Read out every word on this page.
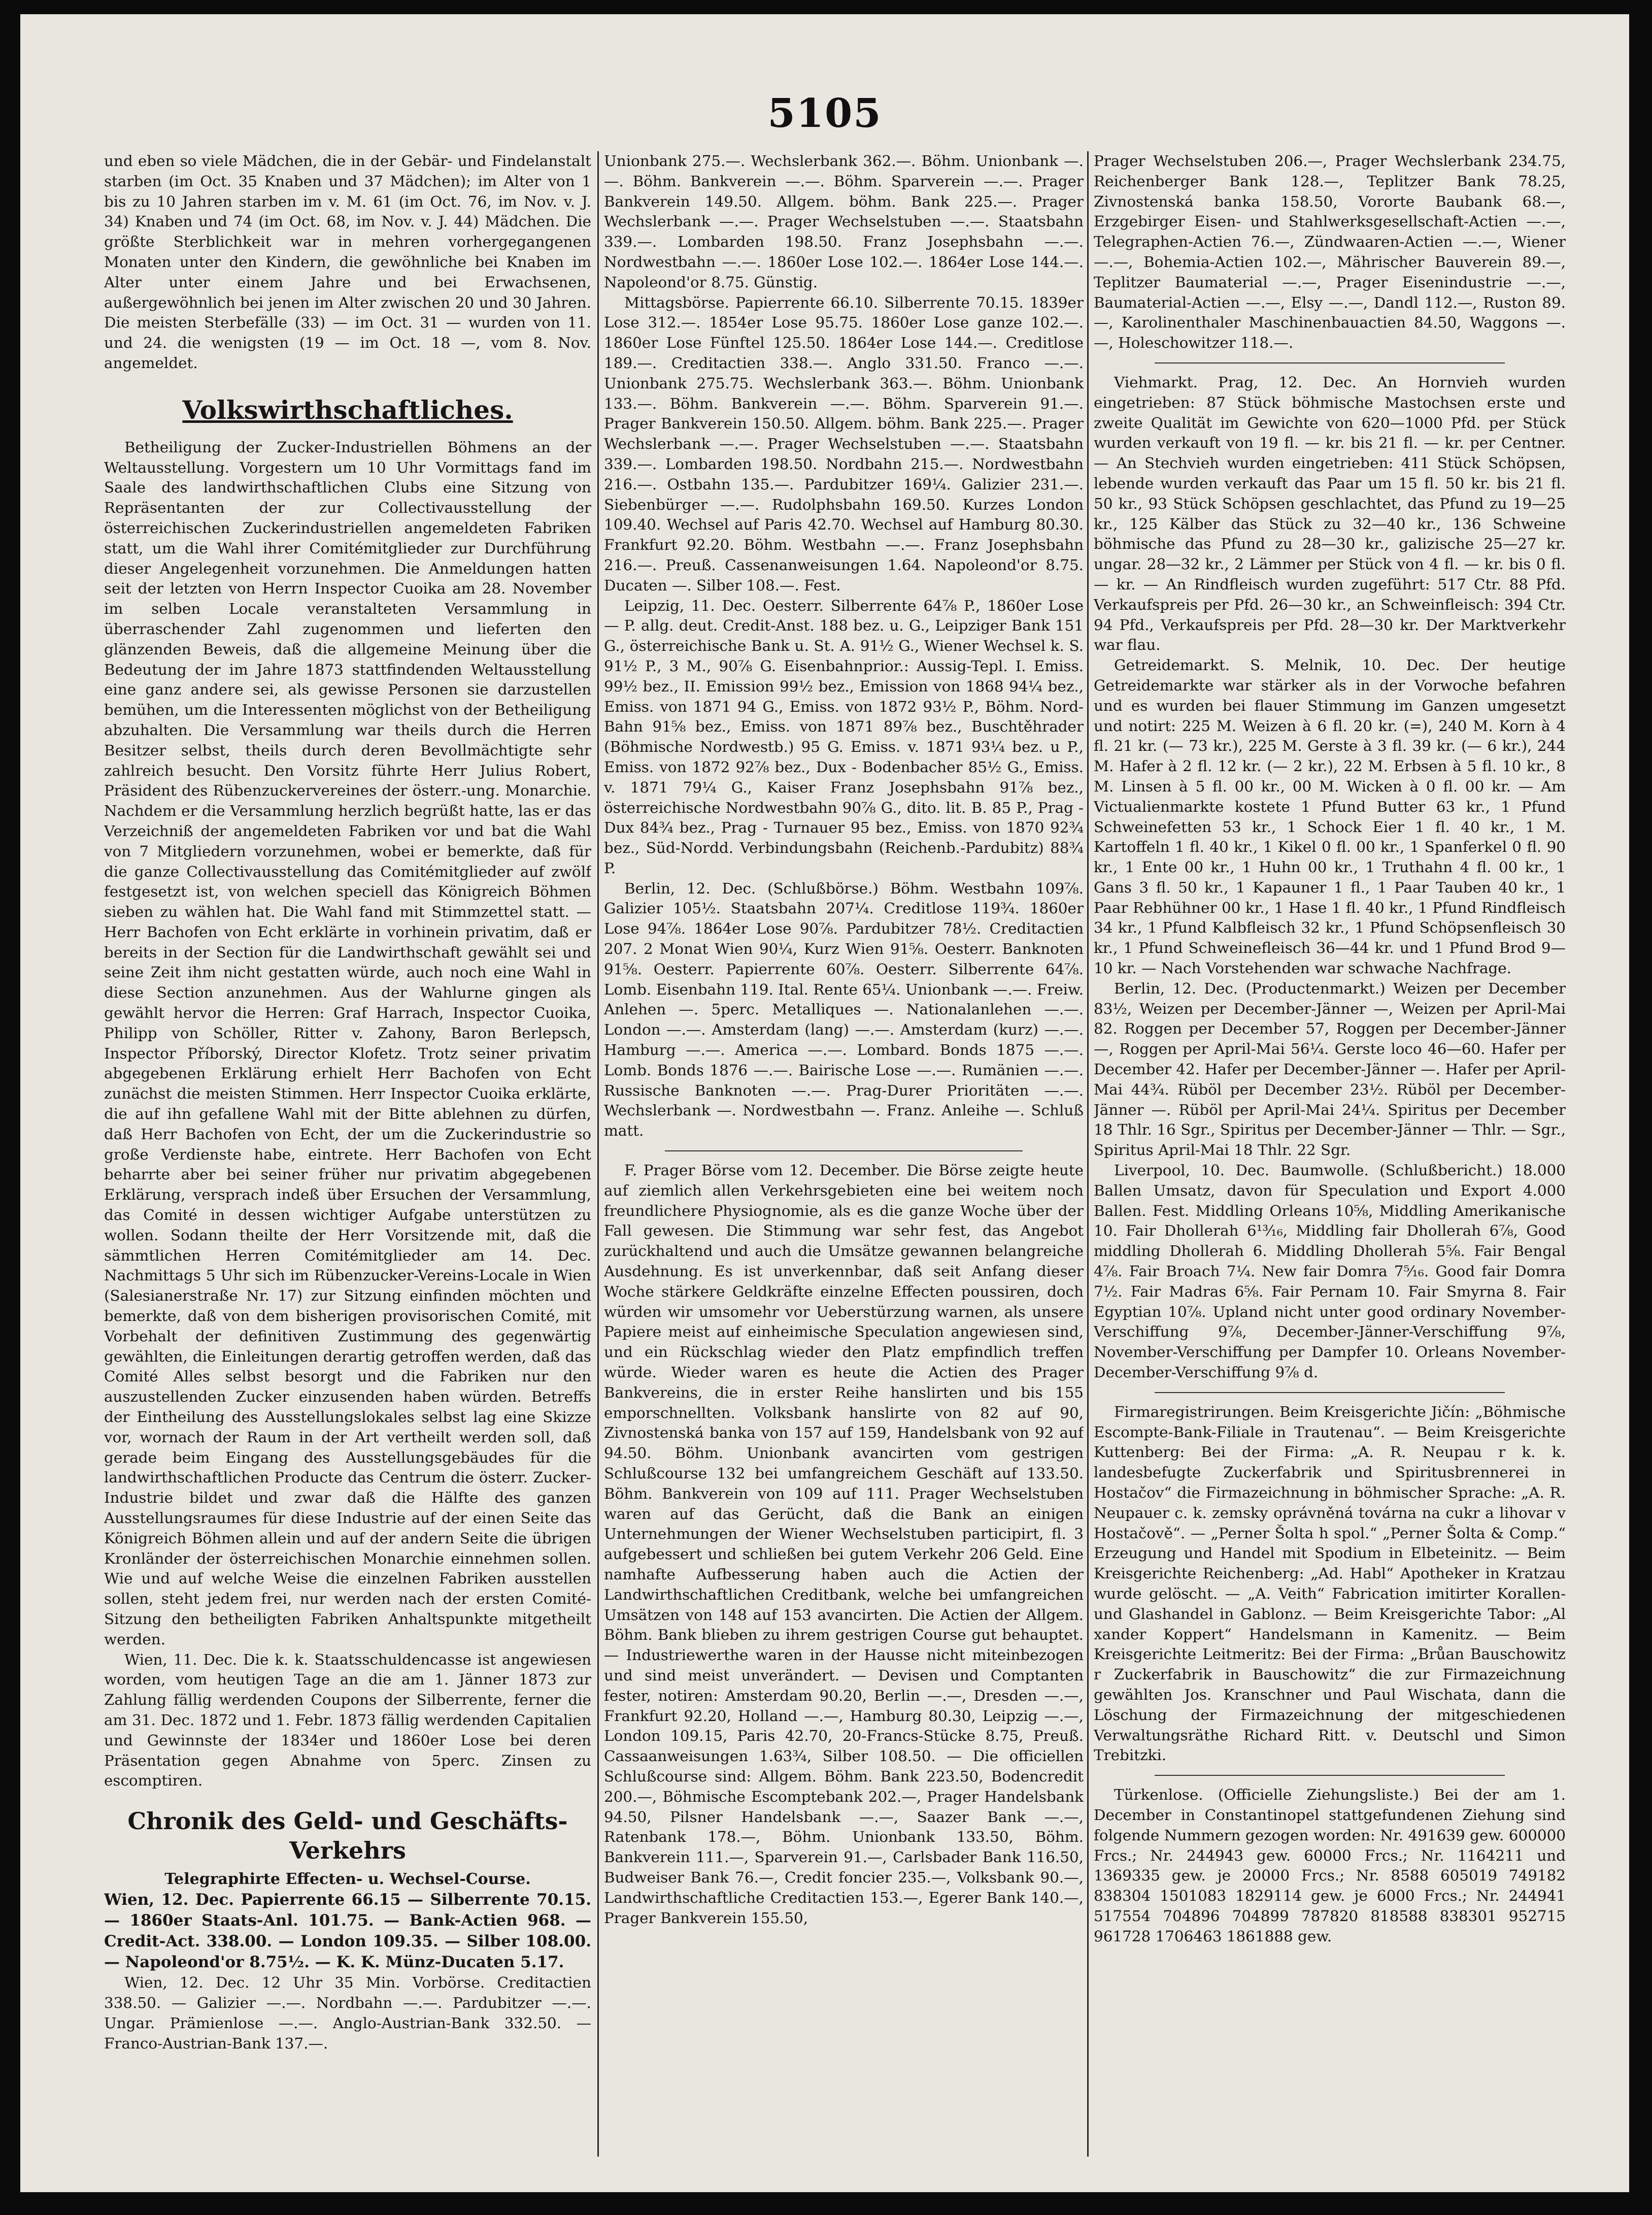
5105

und eben so viele Mädchen, die in der Gebär- und Findelanstalt starben (im Oct. 35 Knaben und 37 Mädchen); im Alter von 1 bis zu 10 Jahren starben im v. M. 61 (im Oct. 76, im Nov. v. J. 34) Knaben und 74 (im Oct. 68, im Nov. v. J. 44) Mädchen. Die größte Sterblichkeit war in mehren vorhergegangenen Monaten unter den Kindern, die gewöhnliche bei Knaben im Alter unter einem Jahre und bei Erwachsenen, außergewöhnlich bei jenen im Alter zwischen 20 und 30 Jahren. Die meisten Sterbefälle (33) — im Oct. 31 — wurden von 11. und 24. die wenigsten (19 — im Oct. 18 —, vom 8. Nov. angemeldet.

Volkswirthschaftliches.

Betheiligung der Zucker-Industriellen Böhmens an der Weltausstellung. Vorgestern um 10 Uhr Vormittags fand im Saale des landwirthschaftlichen Clubs eine Sitzung von Repräsentanten der zur Collectivausstellung der österreichischen Zuckerindustriellen angemeldeten Fabriken statt, um die Wahl ihrer Comitémitglieder zur Durchführung dieser Angelegenheit vorzunehmen. Die Anmeldungen hatten seit der letzten von Herrn Inspector Cuoika am 28. November im selben Locale veranstalteten Versammlung in überraschender Zahl zugenommen und lieferten den glänzenden Beweis, daß die allgemeine Meinung über die Bedeutung der im Jahre 1873 stattfindenden Weltausstellung eine ganz andere sei, als gewisse Personen sie darzustellen bemühen, um die Interessenten möglichst von der Betheiligung abzuhalten. Die Versammlung war theils durch die Herren Besitzer selbst, theils durch deren Bevollmächtigte sehr zahlreich besucht. Den Vorsitz führte Herr Julius Robert, Präsident des Rübenzuckervereines der österr.-ung. Monarchie. Nachdem er die Versammlung herzlich begrüßt hatte, las er das Verzeichniß der angemeldeten Fabriken vor und bat die Wahl von 7 Mitgliedern vorzunehmen, wobei er bemerkte, daß für die ganze Collectivausstellung das Comitémitglieder auf zwölf festgesetzt ist, von welchen speciell das Königreich Böhmen sieben zu wählen hat. Die Wahl fand mit Stimmzettel statt. — Herr Bachofen von Echt erklärte in vorhinein privatim, daß er bereits in der Section für die Landwirthschaft gewählt sei und seine Zeit ihm nicht gestatten würde, auch noch eine Wahl in diese Section anzunehmen. Aus der Wahlurne gingen als gewählt hervor die Herren: Graf Harrach, Inspector Cuoika, Philipp von Schöller, Ritter v. Zahony, Baron Berlepsch, Inspector Příborský, Director Klofetz. Trotz seiner privatim abgegebenen Erklärung erhielt Herr Bachofen von Echt zunächst die meisten Stimmen. Herr Inspector Cuoika erklärte, die auf ihn gefallene Wahl mit der Bitte ablehnen zu dürfen, daß Herr Bachofen von Echt, der um die Zuckerindustrie so große Verdienste habe, eintrete. Herr Bachofen von Echt beharrte aber bei seiner früher nur privatim abgegebenen Erklärung, versprach indeß über Ersuchen der Versammlung, das Comité in dessen wichtiger Aufgabe unterstützen zu wollen. Sodann theilte der Herr Vorsitzende mit, daß die sämmtlichen Herren Comitémitglieder am 14. Dec. Nachmittags 5 Uhr sich im Rübenzucker-Vereins-Locale in Wien (Salesianerstraße Nr. 17) zur Sitzung einfinden möchten und bemerkte, daß von dem bisherigen provisorischen Comité, mit Vorbehalt der definitiven Zustimmung des gegenwärtig gewählten, die Einleitungen derartig getroffen werden, daß das Comité Alles selbst besorgt und die Fabriken nur den auszustellenden Zucker einzusenden haben würden. Betreffs der Eintheilung des Ausstellungslokales selbst lag eine Skizze vor, wornach der Raum in der Art vertheilt werden soll, daß gerade beim Eingang des Ausstellungsgebäudes für die landwirthschaftlichen Producte das Centrum die österr. Zucker-Industrie bildet und zwar daß die Hälfte des ganzen Ausstellungsraumes für diese Industrie auf der einen Seite das Königreich Böhmen allein und auf der andern Seite die übrigen Kronländer der österreichischen Monarchie einnehmen sollen. Wie und auf welche Weise die einzelnen Fabriken ausstellen sollen, steht jedem frei, nur werden nach der ersten Comité-Sitzung den betheiligten Fabriken Anhaltspunkte mitgetheilt werden.

Wien, 11. Dec. Die k. k. Staatsschuldencasse ist angewiesen worden, vom heutigen Tage an die am 1. Jänner 1873 zur Zahlung fällig werdenden Coupons der Silberrente, ferner die am 31. Dec. 1872 und 1. Febr. 1873 fällig werdenden Capitalien und Gewinnste der 1834er und 1860er Lose bei deren Präsentation gegen Abnahme von 5perc. Zinsen zu escomptiren.

Chronik des Geld- und Geschäfts-Verkehrs
Telegraphirte Effecten- u. Wechsel-Course.

Wien, 12. Dec. Papierrente 66.15 — Silberrente 70.15. — 1860er Staats-Anl. 101.75. — Bank-Actien 968. — Credit-Act. 338.00. — London 109.35. — Silber 108.00. — Napoleond'or 8.75½. — K. K. Münz-Ducaten 5.17.

Wien, 12. Dec. 12 Uhr 35 Min. Vorbörse. Creditactien 338.50. — Galizier —.—. Nordbahn —.—. Pardubitzer —.—. Ungar. Prämienlose —.—. Anglo-Austrian-Bank 332.50. — Franco-Austrian-Bank 137.—.

Unionbank 275.—. Wechslerbank 362.—. Böhm. Unionbank —.—. Böhm. Bankverein —.—. Böhm. Sparverein —.—. Prager Bankverein 149.50. Allgem. böhm. Bank 225.—. Prager Wechslerbank —.—. Prager Wechselstuben —.—. Staatsbahn 339.—. Lombarden 198.50. Franz Josephsbahn —.—. Nordwestbahn —.—. 1860er Lose 102.—. 1864er Lose 144.—. Napoleond'or 8.75. Günstig.

Mittagsbörse. Papierrente 66.10. Silberrente 70.15. 1839er Lose 312.—. 1854er Lose 95.75. 1860er Lose ganze 102.—. 1860er Lose Fünftel 125.50. 1864er Lose 144.—. Creditlose 189.—. Creditactien 338.—. Anglo 331.50. Franco —.—. Unionbank 275.75. Wechslerbank 363.—. Böhm. Unionbank 133.—. Böhm. Bankverein —.—. Böhm. Sparverein 91.—. Prager Bankverein 150.50. Allgem. böhm. Bank 225.—. Prager Wechslerbank —.—. Prager Wechselstuben —.—. Staatsbahn 339.—. Lombarden 198.50. Nordbahn 215.—. Nordwestbahn 216.—. Ostbahn 135.—. Pardubitzer 169¼. Galizier 231.—. Siebenbürger —.—. Rudolphsbahn 169.50. Kurzes London 109.40. Wechsel auf Paris 42.70. Wechsel auf Hamburg 80.30. Frankfurt 92.20. Böhm. Westbahn —.—. Franz Josephsbahn 216.—. Preuß. Cassenanweisungen 1.64. Napoleond'or 8.75. Ducaten —. Silber 108.—. Fest.

Leipzig, 11. Dec. Oesterr. Silberrente 64⅞ P., 1860er Lose — P. allg. deut. Credit-Anst. 188 bez. u. G., Leipziger Bank 151 G., österreichische Bank u. St. A. 91½ G., Wiener Wechsel k. S. 91½ P., 3 M., 90⅞ G. Eisenbahnprior.: Aussig-Tepl. I. Emiss. 99½ bez., II. Emission 99½ bez., Emission von 1868 94¼ bez., Emiss. von 1871 94 G., Emiss. von 1872 93½ P., Böhm. Nord-Bahn 91⅝ bez., Emiss. von 1871 89⅞ bez., Buschtěhrader (Böhmische Nordwestb.) 95 G. Emiss. v. 1871 93¼ bez. u P., Emiss. von 1872 92⅞ bez., Dux - Bodenbacher 85½ G., Emiss. v. 1871 79¼ G., Kaiser Franz Josephsbahn 91⅞ bez., österreichische Nordwestbahn 90⅞ G., dito. lit. B. 85 P., Prag - Dux 84¾ bez., Prag - Turnauer 95 bez., Emiss. von 1870 92¾ bez., Süd-Nordd. Verbindungsbahn (Reichenb.-Pardubitz) 88¾ P.

Berlin, 12. Dec. (Schlußbörse.) Böhm. Westbahn 109⅞. Galizier 105½. Staatsbahn 207¼. Creditlose 119¾. 1860er Lose 94⅞. 1864er Lose 90⅞. Pardubitzer 78½. Creditactien 207. 2 Monat Wien 90¼, Kurz Wien 91⅝. Oesterr. Banknoten 91⅝. Oesterr. Papierrente 60⅞. Oesterr. Silberrente 64⅞. Lomb. Eisenbahn 119. Ital. Rente 65¼. Unionbank —.—. Freiw. Anlehen —. 5perc. Metalliques —. Nationalanlehen —.—. London —.—. Amsterdam (lang) —.—. Amsterdam (kurz) —.—. Hamburg —.—. America —.—. Lombard. Bonds 1875 —.—. Lomb. Bonds 1876 —.—. Bairische Lose —.—. Rumänien —.—. Russische Banknoten —.—. Prag-Durer Prioritäten —.—. Wechslerbank —. Nordwestbahn —. Franz. Anleihe —. Schluß matt.

F. Prager Börse vom 12. December. Die Börse zeigte heute auf ziemlich allen Verkehrsgebieten eine bei weitem noch freundlichere Physiognomie, als es die ganze Woche über der Fall gewesen. Die Stimmung war sehr fest, das Angebot zurückhaltend und auch die Umsätze gewannen belangreiche Ausdehnung. Es ist unverkennbar, daß seit Anfang dieser Woche stärkere Geldkräfte einzelne Effecten poussiren, doch würden wir umsomehr vor Ueberstürzung warnen, als unsere Papiere meist auf einheimische Speculation angewiesen sind, und ein Rückschlag wieder den Platz empfindlich treffen würde. Wieder waren es heute die Actien des Prager Bankvereins, die in erster Reihe hanslirten und bis 155 emporschnellten. Volksbank hanslirte von 82 auf 90, Zivnostenská banka von 157 auf 159, Handelsbank von 92 auf 94.50. Böhm. Unionbank avancirten vom gestrigen Schlußcourse 132 bei umfangreichem Geschäft auf 133.50. Böhm. Bankverein von 109 auf 111. Prager Wechselstuben waren auf das Gerücht, daß die Bank an einigen Unternehmungen der Wiener Wechselstuben participirt, fl. 3 aufgebessert und schließen bei gutem Verkehr 206 Geld. Eine namhafte Aufbesserung haben auch die Actien der Landwirthschaftlichen Creditbank, welche bei umfangreichen Umsätzen von 148 auf 153 avancirten. Die Actien der Allgem. Böhm. Bank blieben zu ihrem gestrigen Course gut behauptet. — Industriewerthe waren in der Hausse nicht miteinbezogen und sind meist unverändert. — Devisen und Comptanten fester, notiren: Amsterdam 90.20, Berlin —.—, Dresden —.—, Frankfurt 92.20, Holland —.—, Hamburg 80.30, Leipzig —.—, London 109.15, Paris 42.70, 20-Francs-Stücke 8.75, Preuß. Cassaanweisungen 1.63¾, Silber 108.50. — Die officiellen Schlußcourse sind: Allgem. Böhm. Bank 223.50, Bodencredit 200.—, Böhmische Escomptebank 202.—, Prager Handelsbank 94.50, Pilsner Handelsbank —.—, Saazer Bank —.—, Ratenbank 178.—, Böhm. Unionbank 133.50, Böhm. Bankverein 111.—, Sparverein 91.—, Carlsbader Bank 116.50, Budweiser Bank 76.—, Credit foncier 235.—, Volksbank 90.—, Landwirthschaftliche Creditactien 153.—, Egerer Bank 140.—, Prager Bankverein 155.50,

Prager Wechselstuben 206.—, Prager Wechslerbank 234.75, Reichenberger Bank 128.—, Teplitzer Bank 78.25, Zivnostenská banka 158.50, Vororte Baubank 68.—, Erzgebirger Eisen- und Stahlwerksgesellschaft-Actien —.—, Telegraphen-Actien 76.—, Zündwaaren-Actien —.—, Wiener —.—, Bohemia-Actien 102.—, Mährischer Bauverein 89.—, Teplitzer Baumaterial —.—, Prager Eisenindustrie —.—, Baumaterial-Actien —.—, Elsy —.—, Dandl 112.—, Ruston 89.—, Karolinenthaler Maschinenbauactien 84.50, Waggons —.—, Holeschowitzer 118.—.

Viehmarkt. Prag, 12. Dec. An Hornvieh wurden eingetrieben: 87 Stück böhmische Mastochsen erste und zweite Qualität im Gewichte von 620—1000 Pfd. per Stück wurden verkauft von 19 fl. — kr. bis 21 fl. — kr. per Centner. — An Stechvieh wurden eingetrieben: 411 Stück Schöpsen, lebende wurden verkauft das Paar um 15 fl. 50 kr. bis 21 fl. 50 kr., 93 Stück Schöpsen geschlachtet, das Pfund zu 19—25 kr., 125 Kälber das Stück zu 32—40 kr., 136 Schweine böhmische das Pfund zu 28—30 kr., galizische 25—27 kr. ungar. 28—32 kr., 2 Lämmer per Stück von 4 fl. — kr. bis 0 fl. — kr. — An Rindfleisch wurden zugeführt: 517 Ctr. 88 Pfd. Verkaufspreis per Pfd. 26—30 kr., an Schweinfleisch: 394 Ctr. 94 Pfd., Verkaufspreis per Pfd. 28—30 kr. Der Marktverkehr war flau.

Getreidemarkt. S. Melnik, 10. Dec. Der heutige Getreidemarkte war stärker als in der Vorwoche befahren und es wurden bei flauer Stimmung im Ganzen umgesetzt und notirt: 225 M. Weizen à 6 fl. 20 kr. (=), 240 M. Korn à 4 fl. 21 kr. (— 73 kr.), 225 M. Gerste à 3 fl. 39 kr. (— 6 kr.), 244 M. Hafer à 2 fl. 12 kr. (— 2 kr.), 22 M. Erbsen à 5 fl. 10 kr., 8 M. Linsen à 5 fl. 00 kr., 00 M. Wicken à 0 fl. 00 kr. — Am Victualienmarkte kostete 1 Pfund Butter 63 kr., 1 Pfund Schweinefetten 53 kr., 1 Schock Eier 1 fl. 40 kr., 1 M. Kartoffeln 1 fl. 40 kr., 1 Kikel 0 fl. 00 kr., 1 Spanferkel 0 fl. 90 kr., 1 Ente 00 kr., 1 Huhn 00 kr., 1 Truthahn 4 fl. 00 kr., 1 Gans 3 fl. 50 kr., 1 Kapauner 1 fl., 1 Paar Tauben 40 kr., 1 Paar Rebhühner 00 kr., 1 Hase 1 fl. 40 kr., 1 Pfund Rindfleisch 34 kr., 1 Pfund Kalbfleisch 32 kr., 1 Pfund Schöpsenfleisch 30 kr., 1 Pfund Schweinefleisch 36—44 kr. und 1 Pfund Brod 9—10 kr. — Nach Vorstehenden war schwache Nachfrage.

Berlin, 12. Dec. (Productenmarkt.) Weizen per December 83½, Weizen per December-Jänner —, Weizen per April-Mai 82. Roggen per December 57, Roggen per December-Jänner —, Roggen per April-Mai 56¼. Gerste loco 46—60. Hafer per December 42. Hafer per December-Jänner —. Hafer per April-Mai 44¾. Rüböl per December 23½. Rüböl per December-Jänner —. Rüböl per April-Mai 24¼. Spiritus per December 18 Thlr. 16 Sgr., Spiritus per December-Jänner — Thlr. — Sgr., Spiritus April-Mai 18 Thlr. 22 Sgr.

Liverpool, 10. Dec. Baumwolle. (Schlußbericht.) 18.000 Ballen Umsatz, davon für Speculation und Export 4.000 Ballen. Fest. Middling Orleans 10⅝, Middling Amerikanische 10. Fair Dhollerah 6¹³⁄₁₆, Middling fair Dhollerah 6⅞, Good middling Dhollerah 6. Middling Dhollerah 5⅝. Fair Bengal 4⅞. Fair Broach 7¼. New fair Domra 7⁵⁄₁₆. Good fair Domra 7½. Fair Madras 6⅝. Fair Pernam 10. Fair Smyrna 8. Fair Egyptian 10⅞. Upland nicht unter good ordinary November-Verschiffung 9⅞, December-Jänner-Verschiffung 9⅞, November-Verschiffung per Dampfer 10. Orleans November-December-Verschiffung 9⅞ d.

Firmaregistrirungen. Beim Kreisgerichte Jičín: „Böhmische Escompte-Bank-Filiale in Trautenau“. — Beim Kreisgerichte Kuttenberg: Bei der Firma: „A. R. Neupau r k. k. landesbefugte Zuckerfabrik und Spiritusbrennerei in Hostačov“ die Firmazeichnung in böhmischer Sprache: „A. R. Neupauer c. k. zemsky oprávněná továrna na cukr a lihovar v Hostačově“. — „Perner Šolta h spol.“ „Perner Šolta & Comp.“ Erzeugung und Handel mit Spodium in Elbeteinitz. — Beim Kreisgerichte Reichenberg: „Ad. Habl“ Apotheker in Kratzau wurde gelöscht. — „A. Veith“ Fabrication imitirter Korallen- und Glashandel in Gablonz. — Beim Kreisgerichte Tabor: „Al xander Koppert“ Handelsmann in Kamenitz. — Beim Kreisgerichte Leitmeritz: Bei der Firma: „Brůan Bauschowitz r Zuckerfabrik in Bauschowitz“ die zur Firmazeichnung gewählten Jos. Kranschner und Paul Wischata, dann die Löschung der Firmazeichnung der mitgeschiedenen Verwaltungsräthe Richard Ritt. v. Deutschl und Simon Trebitzki.

Türkenlose. (Officielle Ziehungsliste.) Bei der am 1. December in Constantinopel stattgefundenen Ziehung sind folgende Nummern gezogen worden: Nr. 491639 gew. 600000 Frcs.; Nr. 244943 gew. 60000 Frcs.; Nr. 1164211 und 1369335 gew. je 20000 Frcs.; Nr. 8588 605019 749182 838304 1501083 1829114 gew. je 6000 Frcs.; Nr. 244941 517554 704896 704899 787820 818588 838301 952715 961728 1706463 1861888 gew.
